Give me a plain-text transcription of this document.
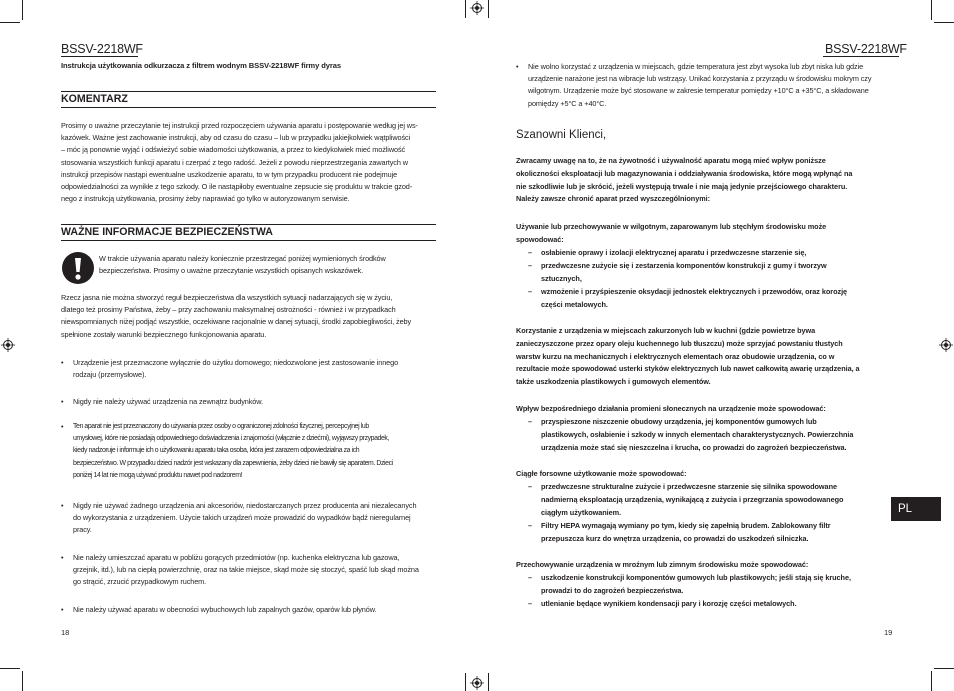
BSSV-2218WF
Instrukcja użytkowania odkurzacza z filtrem wodnym BSSV-2218WF firmy dyras
KOMENTARZ
Prosimy o uważne przeczytanie tej instrukcji przed rozpoczęciem używania aparatu i postępowanie według jej ws-
kazówek. Ważne jest zachowanie instrukcji, aby od czasu do czasu – lub w przypadku jakiejkolwiek wątpliwości
– móc ją ponownie wyjąć i odświeżyć sobie wiadomości użytkowania, a przez to kiedykolwiek mieć możliwość
stosowania wszystkich funkcji aparatu i czerpać z tego radość. Jeżeli z powodu nieprzestrzegania zawartych w
instrukcji przepisów nastąpi ewentualne uszkodzenie aparatu, to w tym przypadku producent nie podejmuje
odpowiedzialności za wynikłe z tego szkody. O ile nastąpiłoby ewentualne zepsucie się produktu w trakcie gzod-
nego z instrukcją użytkowania, prosimy żeby naprawiać go tylko w autoryzowanym serwisie.
WAŻNE INFORMACJE BEZPIECZEŃSTWA
W trakcie używania aparatu należy koniecznie przestrzegać poniżej wymienionych środków
bezpieczeństwa. Prosimy o uważne przeczytanie wszystkich opisanych wskazówek.
Rzecz jasna nie można stworzyć reguł bezpieczeństwa dla wszystkich sytuacji nadarzających się w życiu,
dlatego też prosimy Państwa, żeby – przy zachowaniu maksymalnej ostrożności - również i w przypadkach
niewspomnianych niżej podjąć wszystkie, oczekiwane racjonalnie w danej sytuacji, środki zapobiegliwości, żeby
spełnione zostały warunki bezpiecznego funkcjonowania aparatu.
• Urządzenie jest przeznaczone wyłącznie do użytku domowego; niedozwolone jest zastosowanie innego
rodzaju (przemysłowe).
• Nigdy nie należy używać urządzenia na zewnątrz budynków.
• Ten aparat nie jest przeznaczony do używania przez osoby o ograniczonej zdolności fizycznej, percepcyjnej lub
umysłowej, które nie posiadają odpowiedniego doświadczenia i znajomości (włącznie z dziećmi), wyjąwszy przypadek,
kiedy nadzoruje i informuje ich o użytkowaniu aparatu taka osoba, która jest zarazem odpowiedzialna za ich
bezpieczeństwo. W przypadku dzieci nadzór jest wskazany dla zapewnienia, żeby dzieci nie bawiły się aparatem. Dzieci
poniżej 14 lat nie mogą używać produktu nawet pod nadzorem!
• Nigdy nie używać żadnego urządzenia ani akcesoriów, niedostarczanych przez producenta ani niezalecanych
do wykorzystania z urządzeniem. Użycie takich urządzeń może prowadzić do wypadków bądź nieregularnej
pracy.
• Nie należy umieszczać aparatu w pobliżu gorących przedmiotów (np. kuchenka elektryczna lub gazowa,
grzejnik, itd.), lub na ciepłą powierzchnię, oraz na takie miejsce, skąd może się stoczyć, spaść lub skąd można
go strącić, zrzucić przypadkowym ruchem.
• Nie należy używać aparatu w obecności wybuchowych lub zapalnych gazów, oparów lub płynów.
18
BSSV-2218WF
• Nie wolno korzystać z urządzenia w miejscach, gdzie temperatura jest zbyt wysoka lub zbyt niska lub gdzie
urządzenie narażone jest na wibracje lub wstrząsy. Unikać korzystania z przyrządu w środowisku mokrym czy
wilgotnym. Urządzenie może być stosowane w zakresie temperatur pomiędzy +10°C a +35°C, a składowane
pomiędzy +5°C a +40°C.
Szanowni Klienci,
Zwracamy uwagę na to, że na żywotność i używalność aparatu mogą mieć wpływ poniższe
okoliczności eksploatacji lub magazynowania i oddziaływania środowiska, które mogą wpłynąć na
nie szkodliwie lub je skrócić, jeżeli występują trwale i nie mają jedynie przejściowego charakteru.
Należy zawsze chronić aparat przed wyszczególnionymi:
Używanie lub przechowywanie w wilgotnym, zaparowanym lub stęchłym środowisku może
spowodować:
– osłabienie oprawy i izolacji elektrycznej aparatu i przedwczesne starzenie się,
– przedwczesne zużycie się i zestarzenia komponentów konstrukcji z gumy i tworzyw
sztucznych,
– wzmożenie i przyśpieszenie oksydacji jednostek elektrycznych i przewodów, oraz korozję
części metalowych.
Korzystanie z urządzenia w miejscach zakurzonych lub w kuchni (gdzie powietrze bywa
zanieczyszczone przez opary oleju kuchennego lub tłuszczu) może sprzyjać powstaniu tłustych
warstw kurzu na mechanicznych i elektrycznych elementach oraz obudowie urządzenia, co w
rezultacie może spowodować usterki styków elektrycznych lub nawet całkowitą awarię urządzenia, a
także uszkodzenia plastikowych i gumowych elementów.
Wpływ bezpośredniego działania promieni słonecznych na urządzenie może spowodować:
– przyspieszone niszczenie obudowy urządzenia, jej komponentów gumowych lub
plastikowych, osłabienie i szkody w innych elementach charakterystycznych. Powierzchnia
urządzenia może stać się nieszczelna i krucha, co prowadzi do zagrożeń bezpieczeństwa.
Ciągłe forsowne użytkowanie może spowodować:
– przedwczesne strukturalne zużycie i przedwczesne starzenie się silnika spowodowane
nadmierną eksploatacją urządzenia, wynikającą z zużycia i przegrzania spowodowanego
ciągłym użytkowaniem.
– Filtry HEPA wymagają wymiany po tym, kiedy się zapełnią brudem. Zablokowany filtr
przepuszcza kurz do wnętrza urządzenia, co prowadzi do uszkodzeń silniczka.
Przechowywanie urządzenia w mroźnym lub zimnym środowisku może spowodować:
– uszkodzenie konstrukcji komponentów gumowych lub plastikowych; jeśli stają się kruche,
prowadzi to do zagrożeń bezpieczeństwa.
– utlenianie będące wynikiem kondensacji pary i korozję części metalowych.
19
PL
